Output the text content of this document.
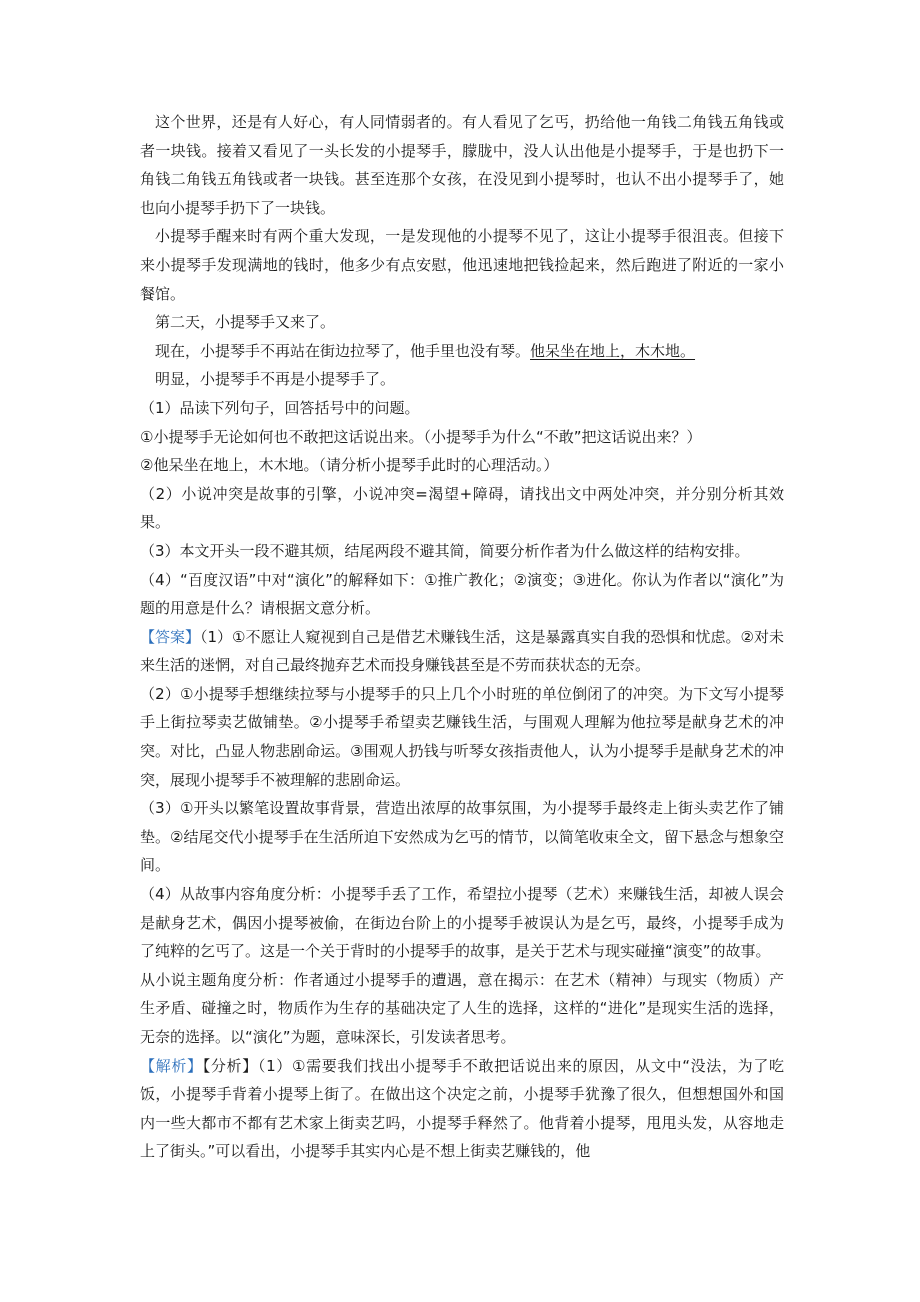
这个世界，还是有人好心，有人同情弱者的。有人看见了乞丐，扔给他一角钱二角钱五角钱或者一块钱。接着又看见了一头长发的小提琴手，朦胧中，没人认出他是小提琴手，于是也扔下一角钱二角钱五角钱或者一块钱。甚至连那个女孩，在没见到小提琴时，也认不出小提琴手了，她也向小提琴手扔下了一块钱。

小提琴手醒来时有两个重大发现，一是发现他的小提琴不见了，这让小提琴手很沮丧。但接下来小提琴手发现满地的钱时，他多少有点安慰，他迅速地把钱捡起来，然后跑进了附近的一家小餐馆。

第二天，小提琴手又来了。

现在，小提琴手不再站在街边拉琴了，他手里也没有琴。他呆坐在地上，木木地。

明显，小提琴手不再是小提琴手了。

（1）品读下列句子，回答括号中的问题。

①小提琴手无论如何也不敢把这话说出来。（小提琴手为什么“不敢”把这话说出来？）

②他呆坐在地上，木木地。（请分析小提琴手此时的心理活动。）

（2）小说冲突是故事的引擎，小说冲突=渴望+障碍，请找出文中两处冲突，并分别分析其效果。

（3）本文开头一段不避其烦，结尾两段不避其简，简要分析作者为什么做这样的结构安排。

（4）“百度汉语”中对“演化”的解释如下：①推广教化；②演变；③进化。你认为作者以“演化”为题的用意是什么？请根据文意分析。

【答案】（1）①不愿让人窥视到自己是借艺术赚钱生活，这是暴露真实自我的恐惧和忧虑。②对未来生活的迷惘，对自己最终抛弃艺术而投身赚钱甚至是不劳而获状态的无奈。

（2）①小提琴手想继续拉琴与小提琴手的只上几个小时班的单位倒闭了的冲突。为下文写小提琴手上街拉琴卖艺做铺垫。②小提琴手希望卖艺赚钱生活，与围观人理解为他拉琴是献身艺术的冲突。对比，凸显人物悲剧命运。③围观人扔钱与听琴女孩指责他人，认为小提琴手是献身艺术的冲突，展现小提琴手不被理解的悲剧命运。

（3）①开头以繁笔设置故事背景，营造出浓厚的故事氛围，为小提琴手最终走上街头卖艺作了铺垫。②结尾交代小提琴手在生活所迫下安然成为乞丐的情节，以简笔收束全文，留下悬念与想象空间。

（4）从故事内容角度分析：小提琴手丢了工作，希望拉小提琴（艺术）来赚钱生活，却被人误会是献身艺术，偶因小提琴被偷，在街边台阶上的小提琴手被误认为是乞丐，最终，小提琴手成为了纯粹的乞丐了。这是一个关于背时的小提琴手的故事，是关于艺术与现实碰撞“演变”的故事。

从小说主题角度分析：作者通过小提琴手的遭遇，意在揭示：在艺术（精神）与现实（物质）产生矛盾、碰撞之时，物质作为生存的基础决定了人生的选择，这样的“进化”是现实生活的选择，无奈的选择。以“演化”为题，意味深长，引发读者思考。

【解析】【分析】（1）①需要我们找出小提琴手不敢把话说出来的原因，从文中“没法，为了吃饭，小提琴手背着小提琴上街了。在做出这个决定之前，小提琴手犹豫了很久，但想想国外和国内一些大都市不都有艺术家上街卖艺吗，小提琴手释然了。他背着小提琴，甩甩头发，从容地走上了街头。”可以看出，小提琴手其实内心是不想上街卖艺赚钱的，他
